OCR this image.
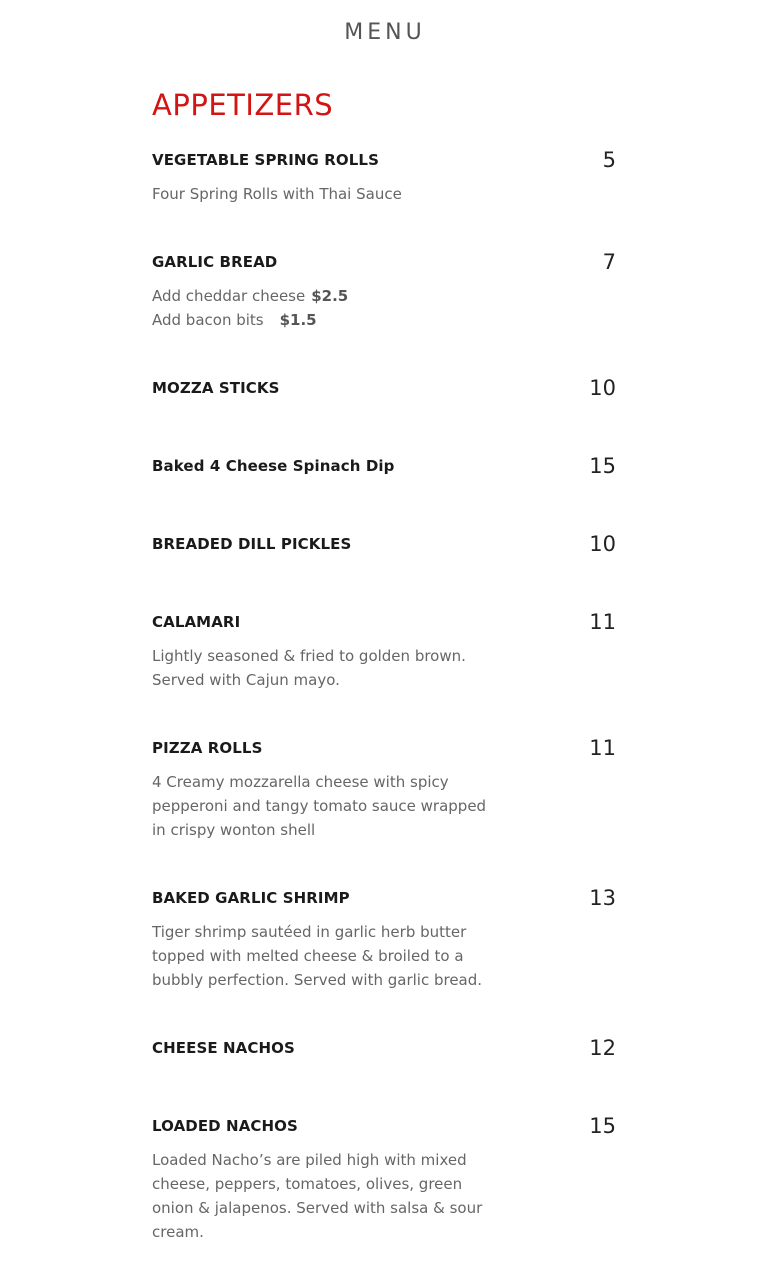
MENU
APPETIZERS
VEGETABLE SPRING ROLLS	5
Four Spring Rolls with Thai Sauce
GARLIC BREAD	7
Add cheddar cheese $2.5
Add bacon bits $1.5
MOZZA STICKS	10
Baked 4 Cheese Spinach Dip	15
BREADED DILL PICKLES	10
CALAMARI	11
Lightly seasoned & fried to golden brown. Served with Cajun mayo.
PIZZA ROLLS	11
4 Creamy mozzarella cheese with spicy pepperoni and tangy tomato sauce wrapped in crispy wonton shell
BAKED GARLIC SHRIMP	13
Tiger shrimp sautéed in garlic herb butter topped with melted cheese & broiled to a bubbly perfection. Served with garlic bread.
CHEESE NACHOS	12
LOADED NACHOS	15
Loaded Nacho’s are piled high with mixed cheese, peppers, tomatoes, olives, green onion & jalapenos. Served with salsa & sour cream.
